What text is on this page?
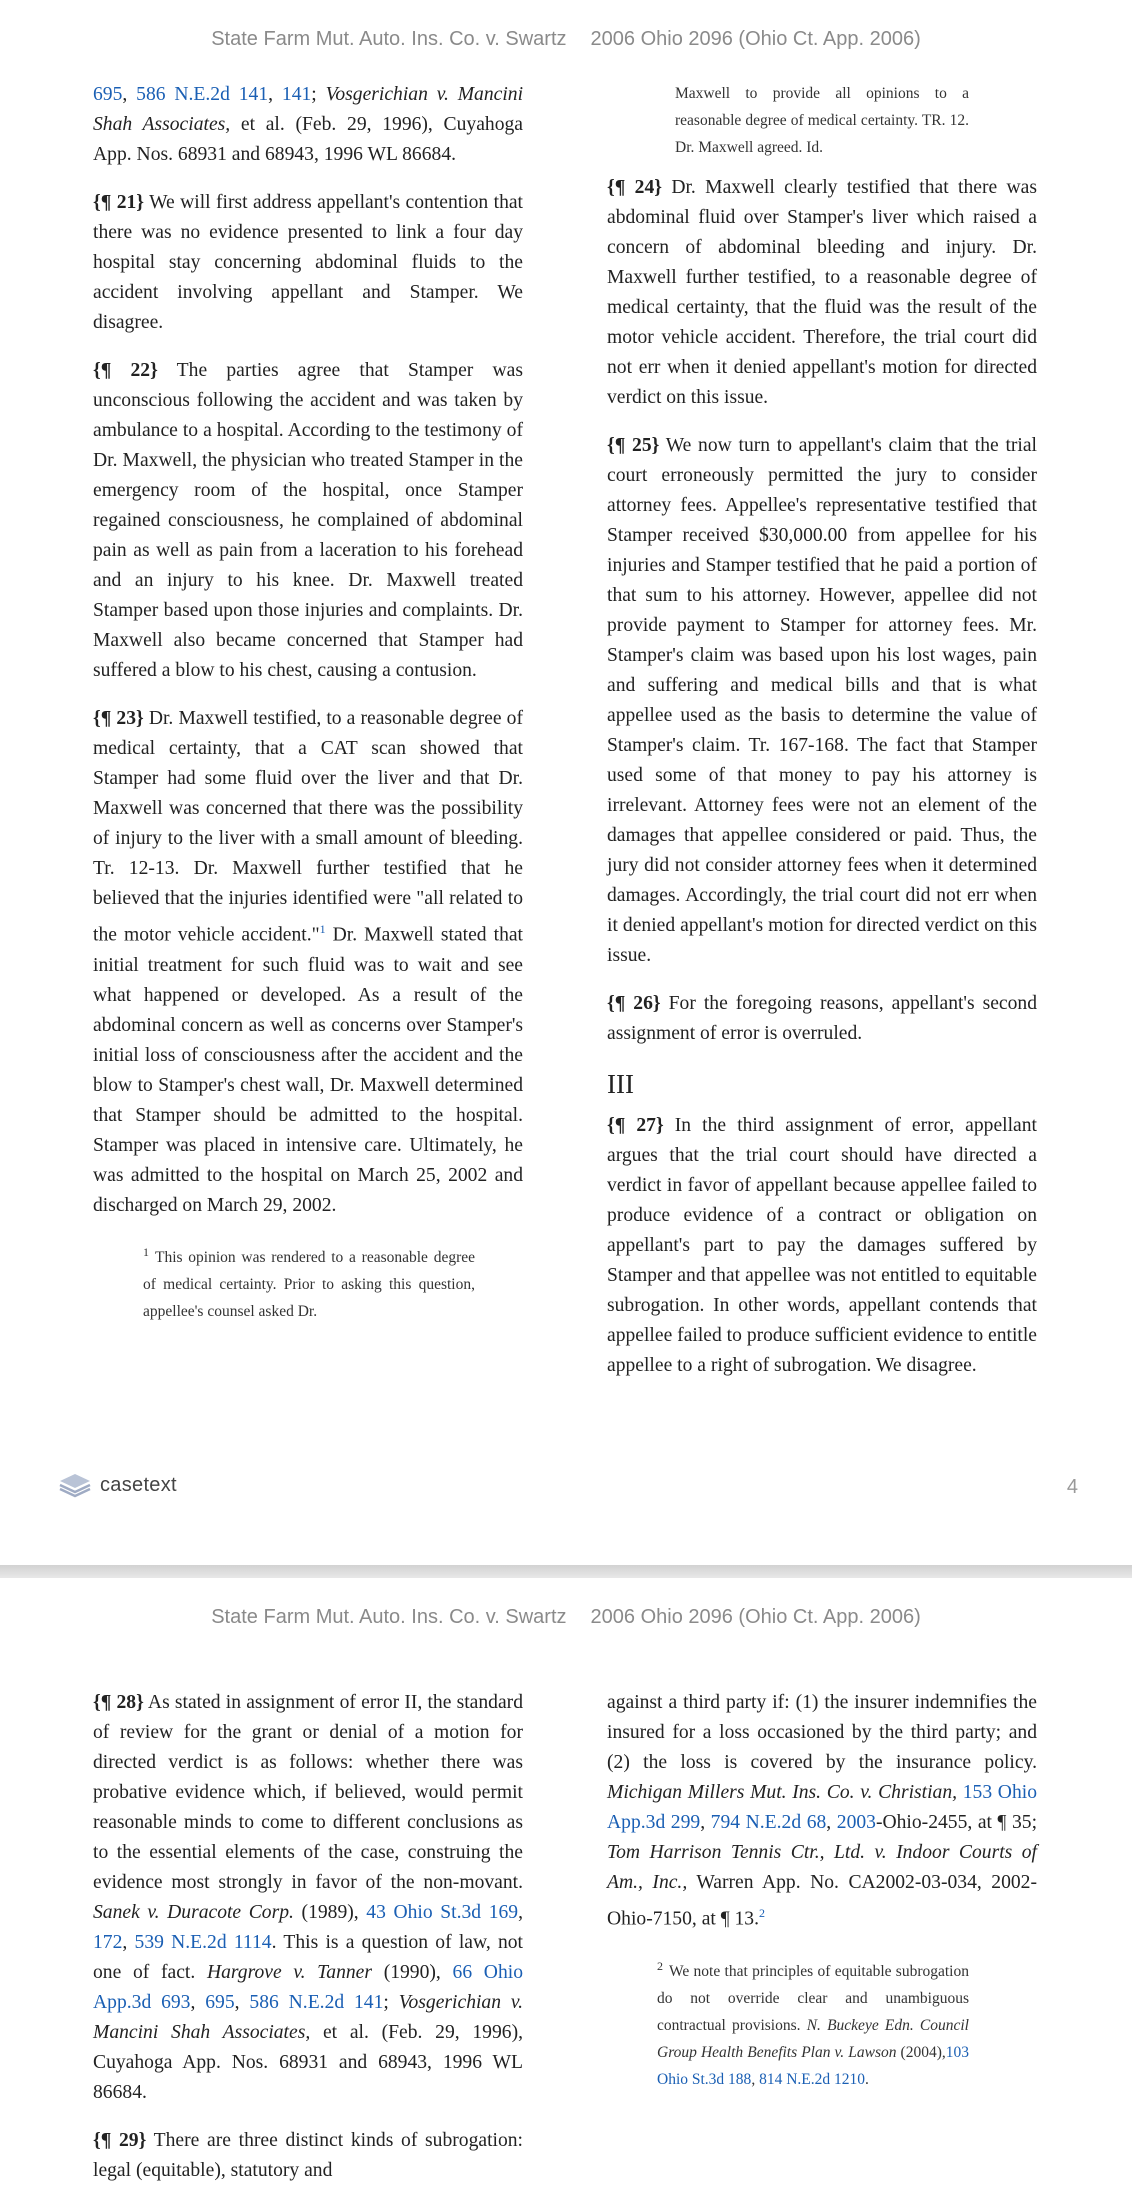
State Farm Mut. Auto. Ins. Co. v. Swartz 2006 Ohio 2096 (Ohio Ct. App. 2006)

695, 586 N.E.2d 141, 141; Vosgerichian v. Mancini Shah Associates, et al. (Feb. 29, 1996), Cuyahoga App. Nos. 68931 and 68943, 1996 WL 86684.

{¶ 21} We will first address appellant's contention that there was no evidence presented to link a four day hospital stay concerning abdominal fluids to the accident involving appellant and Stamper. We disagree.

{¶ 22} The parties agree that Stamper was unconscious following the accident and was taken by ambulance to a hospital. According to the testimony of Dr. Maxwell, the physician who treated Stamper in the emergency room of the hospital, once Stamper regained consciousness, he complained of abdominal pain as well as pain from a laceration to his forehead and an injury to his knee. Dr. Maxwell treated Stamper based upon those injuries and complaints. Dr. Maxwell also became concerned that Stamper had suffered a blow to his chest, causing a contusion.

{¶ 23} Dr. Maxwell testified, to a reasonable degree of medical certainty, that a CAT scan showed that Stamper had some fluid over the liver and that Dr. Maxwell was concerned that there was the possibility of injury to the liver with a small amount of bleeding. Tr. 12-13. Dr. Maxwell further testified that he believed that the injuries identified were "all related to the motor vehicle accident."$^1$ Dr. Maxwell stated that initial treatment for such fluid was to wait and see what happened or developed. As a result of the abdominal concern as well as concerns over Stamper's initial loss of consciousness after the accident and the blow to Stamper's chest wall, Dr. Maxwell determined that Stamper should be admitted to the hospital. Stamper was placed in intensive care. Ultimately, he was admitted to the hospital on March 25, 2002 and discharged on March 29, 2002.

$^1$ This opinion was rendered to a reasonable degree of medical certainty. Prior to asking this question, appellee's counsel asked Dr.

Maxwell to provide all opinions to a reasonable degree of medical certainty. TR. 12. Dr. Maxwell agreed. Id.

{¶ 24} Dr. Maxwell clearly testified that there was abdominal fluid over Stamper's liver which raised a concern of abdominal bleeding and injury. Dr. Maxwell further testified, to a reasonable degree of medical certainty, that the fluid was the result of the motor vehicle accident. Therefore, the trial court did not err when it denied appellant's motion for directed verdict on this issue.

{¶ 25} We now turn to appellant's claim that the trial court erroneously permitted the jury to consider attorney fees. Appellee's representative testified that Stamper received $30,000.00 from appellee for his injuries and Stamper testified that he paid a portion of that sum to his attorney. However, appellee did not provide payment to Stamper for attorney fees. Mr. Stamper's claim was based upon his lost wages, pain and suffering and medical bills and that is what appellee used as the basis to determine the value of Stamper's claim. Tr. 167-168. The fact that Stamper used some of that money to pay his attorney is irrelevant. Attorney fees were not an element of the damages that appellee considered or paid. Thus, the jury did not consider attorney fees when it determined damages. Accordingly, the trial court did not err when it denied appellant's motion for directed verdict on this issue.

{¶ 26} For the foregoing reasons, appellant's second assignment of error is overruled.

III

{¶ 27} In the third assignment of error, appellant argues that the trial court should have directed a verdict in favor of appellant because appellee failed to produce evidence of a contract or obligation on appellant's part to pay the damages suffered by Stamper and that appellee was not entitled to equitable subrogation. In other words, appellant contends that appellee failed to produce sufficient evidence to entitle appellee to a right of subrogation. We disagree.

casetext	4
State Farm Mut. Auto. Ins. Co. v. Swartz 2006 Ohio 2096 (Ohio Ct. App. 2006)

{¶ 28} As stated in assignment of error II, the standard of review for the grant or denial of a motion for directed verdict is as follows: whether there was probative evidence which, if believed, would permit reasonable minds to come to different conclusions as to the essential elements of the case, construing the evidence most strongly in favor of the non-movant. Sanek v. Duracote Corp. (1989), 43 Ohio St.3d 169, 172, 539 N.E.2d 1114. This is a question of law, not one of fact. Hargrove v. Tanner (1990), 66 Ohio App.3d 693, 695, 586 N.E.2d 141; Vosgerichian v. Mancini Shah Associates, et al. (Feb. 29, 1996), Cuyahoga App. Nos. 68931 and 68943, 1996 WL 86684.

{¶ 29} There are three distinct kinds of subrogation: legal (equitable), statutory and

against a third party if: (1) the insurer indemnifies the insured for a loss occasioned by the third party; and (2) the loss is covered by the insurance policy. Michigan Millers Mut. Ins. Co. v. Christian, 153 Ohio App.3d 299, 794 N.E.2d 68, 2003-Ohio-2455, at ¶ 35; Tom Harrison Tennis Ctr., Ltd. v. Indoor Courts of Am., Inc., Warren App. No. CA2002-03-034, 2002-Ohio-7150, at ¶ 13.$^2$

$^2$ We note that principles of equitable subrogation do not override clear and unambiguous contractual provisions. N. Buckeye Edn. Council Group Health Benefits Plan v. Lawson (2004),103 Ohio St.3d 188, 814 N.E.2d 1210.
